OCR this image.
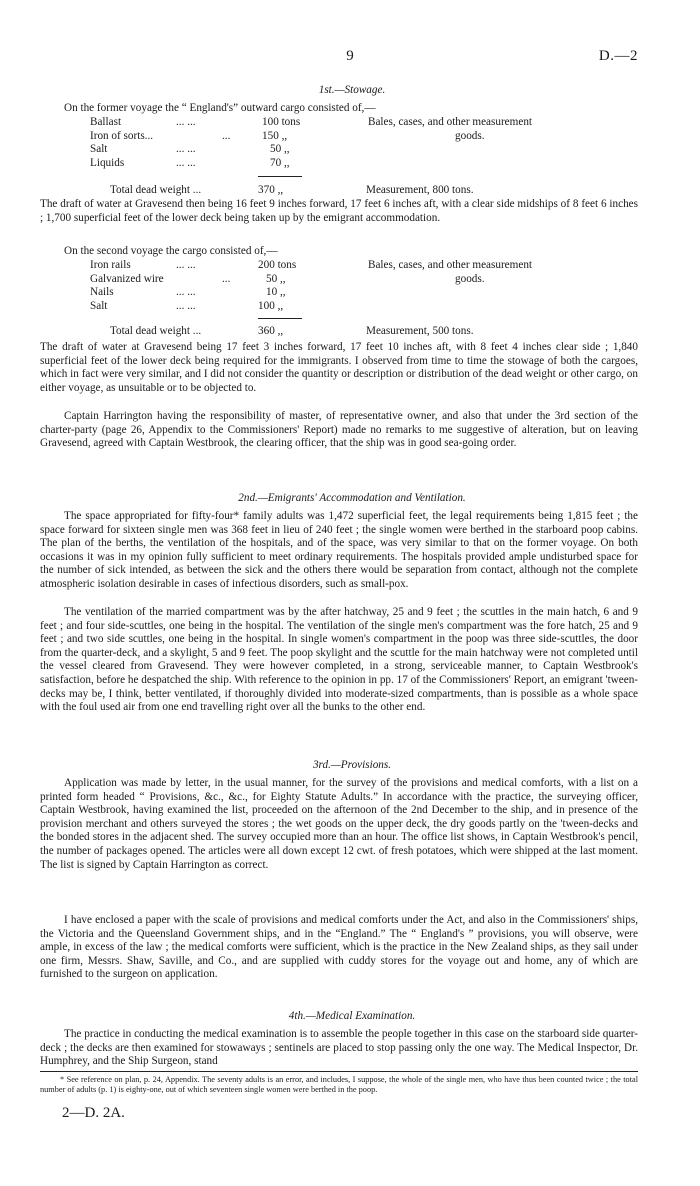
9	D.—2
1st.—Stowage.
On the former voyage the “ England's” outward cargo consisted of,—
Ballast	... ...	100 tons
Iron of sorts...	...	150 ,,
Salt	... ...	50 ,,
Liquids	... ...	70 ,,
Bales, cases, and other measurement
goods.
Total dead weight ...	370 ,,	Measurement, 800 tons.
The draft of water at Gravesend then being 16 feet 9 inches forward, 17 feet 6 inches aft, with a clear side midships of 8 feet 6 inches ; 1,700 superficial feet of the lower deck being taken up by the emigrant accommodation.
On the second voyage the cargo consisted of,—
Iron rails	... ...	200 tons
Galvanized wire	...	50 ,,
Nails	... ...	10 ,,
Salt	... ...	100 ,,
Bales, cases, and other measurement
goods.
Total dead weight ...	360 ,,	Measurement, 500 tons.
The draft of water at Gravesend being 17 feet 3 inches forward, 17 feet 10 inches aft, with 8 feet 4 inches clear side ; 1,840 superficial feet of the lower deck being required for the immigrants. I observed from time to time the stowage of both the cargoes, which in fact were very similar, and I did not consider the quantity or description or distribution of the dead weight or other cargo, on either voyage, as unsuitable or to be objected to.
Captain Harrington having the responsibility of master, of representative owner, and also that under the 3rd section of the charter-party (page 26, Appendix to the Commissioners' Report) made no remarks to me suggestive of alteration, but on leaving Gravesend, agreed with Captain Westbrook, the clearing officer, that the ship was in good sea-going order.
2nd.—Emigrants' Accommodation and Ventilation.
The space appropriated for fifty-four* family adults was 1,472 superficial feet, the legal requirements being 1,815 feet ; the space forward for sixteen single men was 368 feet in lieu of 240 feet ; the single women were berthed in the starboard poop cabins. The plan of the berths, the ventilation of the hospitals, and of the space, was very similar to that on the former voyage. On both occasions it was in my opinion fully sufficient to meet ordinary requirements. The hospitals provided ample undisturbed space for the number of sick intended, as between the sick and the others there would be separation from contact, although not the complete atmospheric isolation desirable in cases of infectious disorders, such as small-pox.
The ventilation of the married compartment was by the after hatchway, 25 and 9 feet ; the scuttles in the main hatch, 6 and 9 feet ; and four side-scuttles, one being in the hospital. The ventilation of the single men's compartment was the fore hatch, 25 and 9 feet ; and two side scuttles, one being in the hospital. In single women's compartment in the poop was three side-scuttles, the door from the quarter-deck, and a skylight, 5 and 9 feet. The poop skylight and the scuttle for the main hatchway were not completed until the vessel cleared from Gravesend. They were however completed, in a strong, serviceable manner, to Captain Westbrook's satisfaction, before he despatched the ship. With reference to the opinion in pp. 17 of the Commissioners' Report, an emigrant 'tween-decks may be, I think, better ventilated, if thoroughly divided into moderate-sized compartments, than is possible as a whole space with the foul used air from one end travelling right over all the bunks to the other end.
3rd.—Provisions.
Application was made by letter, in the usual manner, for the survey of the provisions and medical comforts, with a list on a printed form headed “ Provisions, &c., &c., for Eighty Statute Adults.” In accordance with the practice, the surveying officer, Captain Westbrook, having examined the list, proceeded on the afternoon of the 2nd December to the ship, and in presence of the provision merchant and others surveyed the stores ; the wet goods on the upper deck, the dry goods partly on the 'tween-decks and the bonded stores in the adjacent shed. The survey occupied more than an hour. The office list shows, in Captain Westbrook's pencil, the number of packages opened. The articles were all down except 12 cwt. of fresh potatoes, which were shipped at the last moment. The list is signed by Captain Harrington as correct.
I have enclosed a paper with the scale of provisions and medical comforts under the Act, and also in the Commissioners' ships, the Victoria and the Queensland Government ships, and in the “England.” The “ England's ” provisions, you will observe, were ample, in excess of the law ; the medical comforts were sufficient, which is the practice in the New Zealand ships, as they sail under one firm, Messrs. Shaw, Saville, and Co., and are supplied with cuddy stores for the voyage out and home, any of which are furnished to the surgeon on application.
4th.—Medical Examination.
The practice in conducting the medical examination is to assemble the people together in this case on the starboard side quarter-deck ; the decks are then examined for stowaways ; sentinels are placed to stop passing only the one way. The Medical Inspector, Dr. Humphrey, and the Ship Surgeon, stand
* See reference on plan, p. 24, Appendix. The seventy adults is an error, and includes, I suppose, the whole of the single men, who have thus been counted twice ; the total number of adults (p. 1) is eighty-one, out of which seventeen single women were berthed in the poop.
2—D. 2A.
